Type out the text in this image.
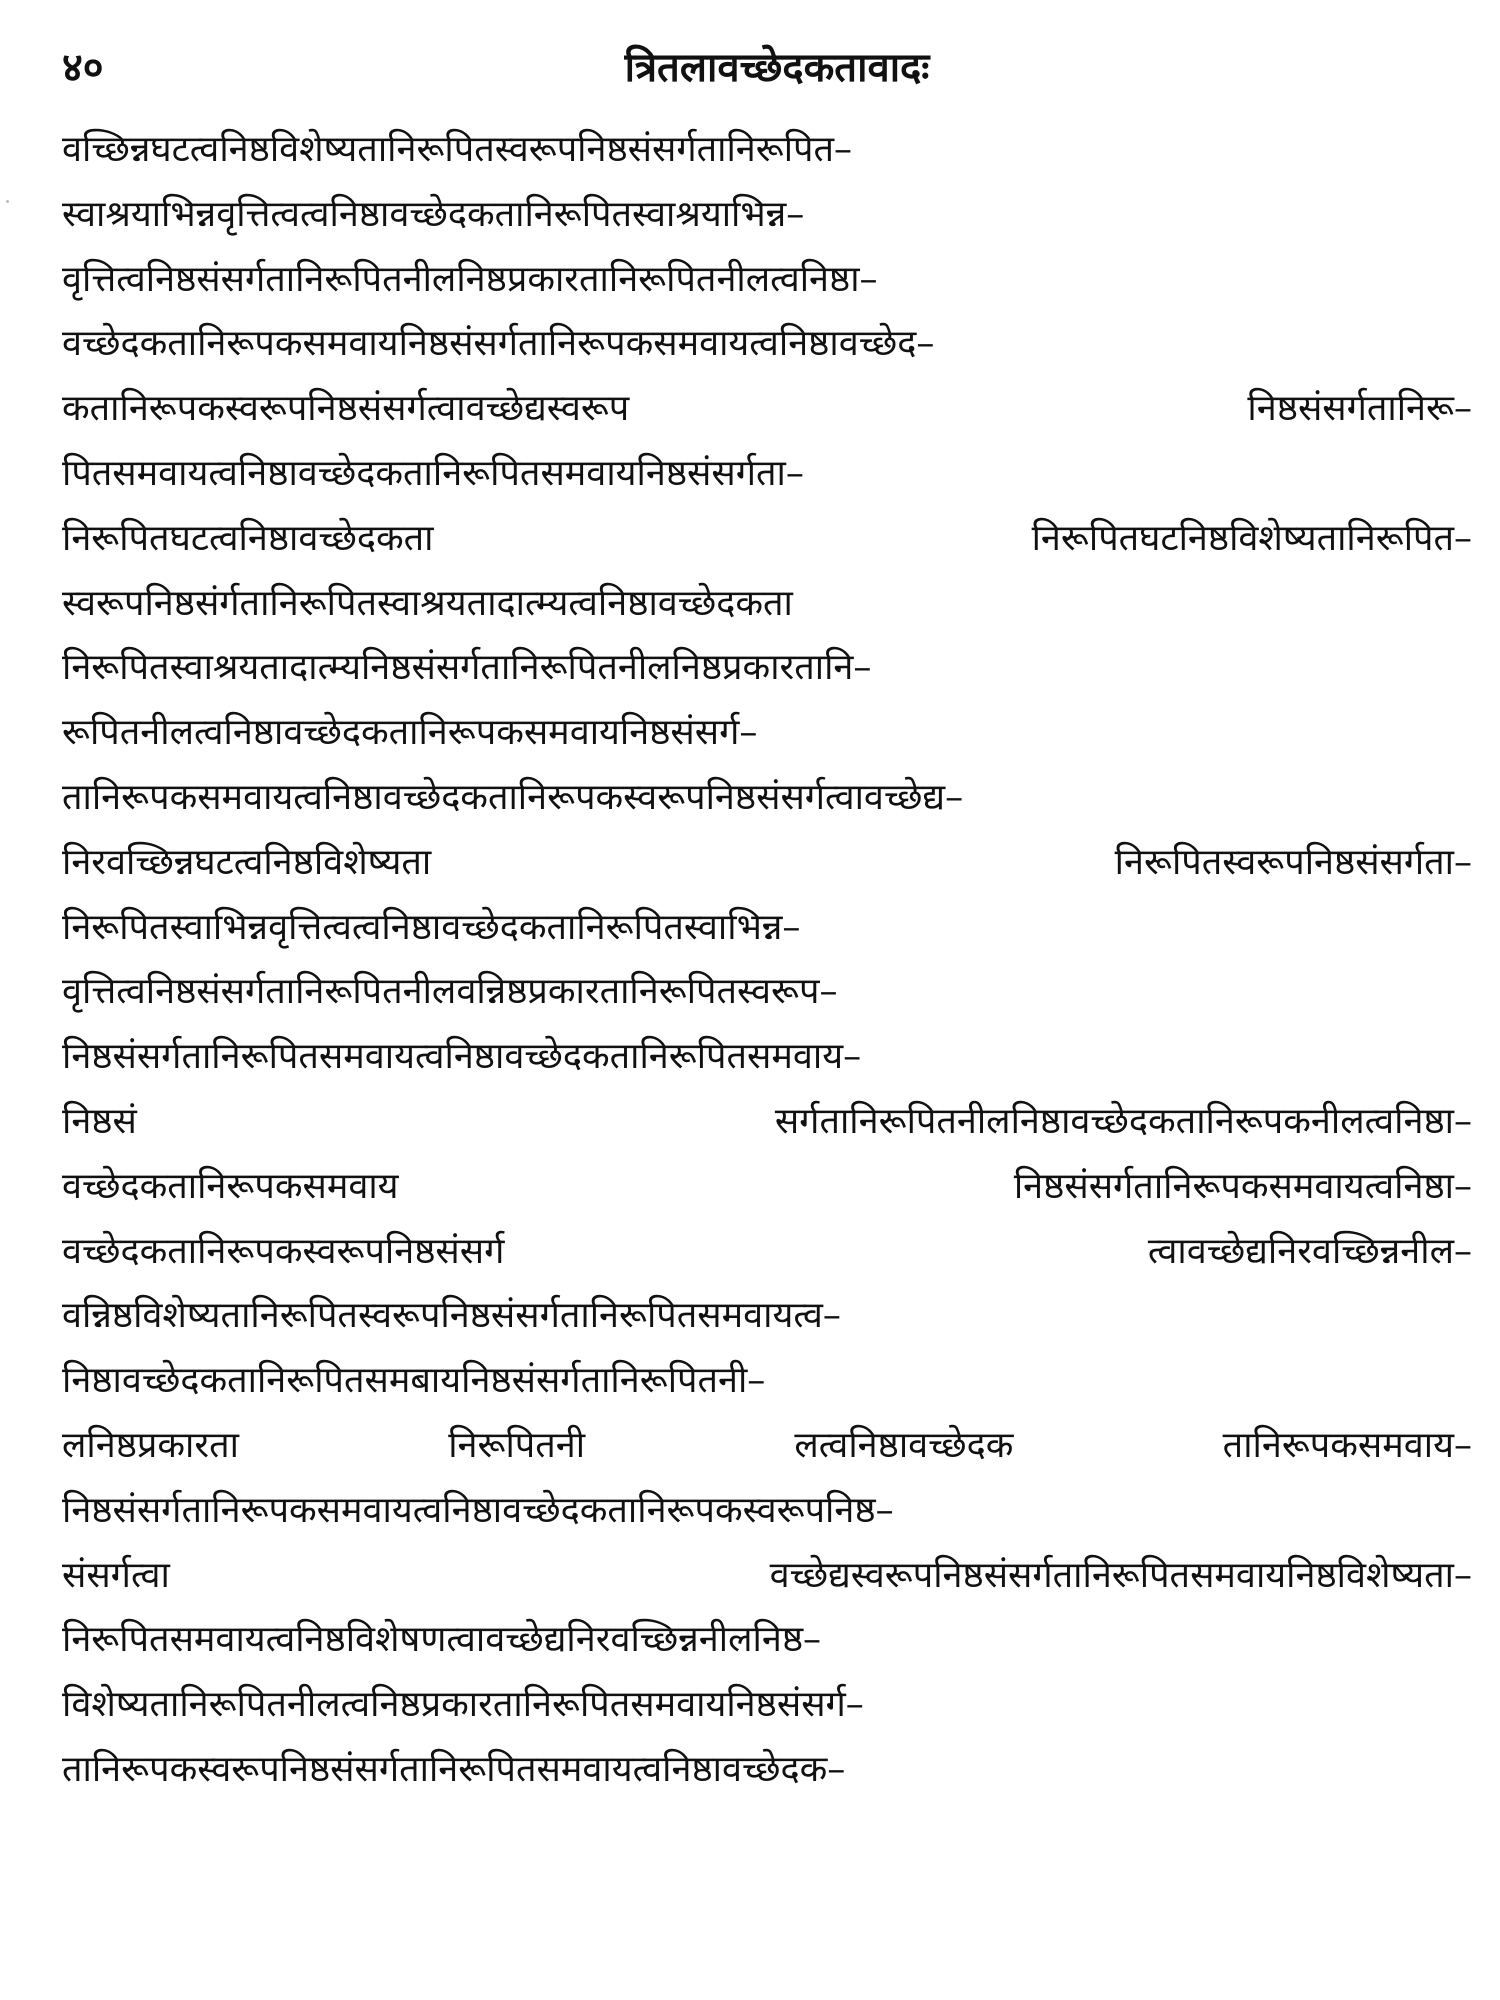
४०	त्रितलावच्छेदकतावादः
वच्छिन्नघटत्वनिष्ठविशेष्यतानिरूपितस्वरूपनिष्ठसंसर्गतानिरूपित–
स्वाश्रयाभिन्नवृत्तित्वत्वनिष्ठावच्छेदकतानिरूपितस्वाश्रयाभिन्न–
वृत्तित्वनिष्ठसंसर्गतानिरूपितनीलनिष्ठप्रकारतानिरूपितनीलत्वनिष्ठा–
वच्छेदकतानिरूपकसमवायनिष्ठसंसर्गतानिरूपकसमवायत्वनिष्ठावच्छेद–
कतानिरूपकस्वरूपनिष्ठसंसर्गत्वावच्छेद्यस्वरूप निष्ठसंसर्गतानिरू–
पितसमवायत्वनिष्ठावच्छेदकतानिरूपितसमवायनिष्ठसंसर्गता–
निरूपितघटत्वनिष्ठावच्छेदकता निरूपितघटनिष्ठविशेष्यतानिरूपित–
स्वरूपनिष्ठसंर्गतानिरूपितस्वाश्रयतादात्म्यत्वनिष्ठावच्छेदकता
निरूपितस्वाश्रयतादात्म्यनिष्ठसंसर्गतानिरूपितनीलनिष्ठप्रकारतानि–
रूपितनीलत्वनिष्ठावच्छेदकतानिरूपकसमवायनिष्ठसंसर्ग–
तानिरूपकसमवायत्वनिष्ठावच्छेदकतानिरूपकस्वरूपनिष्ठसंसर्गत्वावच्छेद्य–
निरवच्छिन्नघटत्वनिष्ठविशेष्यता निरूपितस्वरूपनिष्ठसंसर्गता–
निरूपितस्वाभिन्नवृत्तित्वत्वनिष्ठावच्छेदकतानिरूपितस्वाभिन्न–
वृत्तित्वनिष्ठसंसर्गतानिरूपितनीलवन्निष्ठप्रकारतानिरूपितस्वरूप–
निष्ठसंसर्गतानिरूपितसमवायत्वनिष्ठावच्छेदकतानिरूपितसमवाय–
निष्ठसं सर्गतानिरूपितनीलनिष्ठावच्छेदकतानिरूपकनीलत्वनिष्ठा–
वच्छेदकतानिरूपकसमवाय निष्ठसंसर्गतानिरूपकसमवायत्वनिष्ठा–
वच्छेदकतानिरूपकस्वरूपनिष्ठसंसर्ग त्वावच्छेद्यनिरवच्छिन्ननील–
वन्निष्ठविशेष्यतानिरूपितस्वरूपनिष्ठसंसर्गतानिरूपितसमवायत्व–
निष्ठावच्छेदकतानिरूपितसमबायनिष्ठसंसर्गतानिरूपितनी–
लनिष्ठप्रकारता निरूपितनी लत्वनिष्ठावच्छेदक तानिरूपकसमवाय–
निष्ठसंसर्गतानिरूपकसमवायत्वनिष्ठावच्छेदकतानिरूपकस्वरूपनिष्ठ–
संसर्गत्वा वच्छेद्यस्वरूपनिष्ठसंसर्गतानिरूपितसमवायनिष्ठविशेष्यता–
निरूपितसमवायत्वनिष्ठविशेषणत्वावच्छेद्यनिरवच्छिन्ननीलनिष्ठ–
विशेष्यतानिरूपितनीलत्वनिष्ठप्रकारतानिरूपितसमवायनिष्ठसंसर्ग–
तानिरूपकस्वरूपनिष्ठसंसर्गतानिरूपितसमवायत्वनिष्ठावच्छेदक–
